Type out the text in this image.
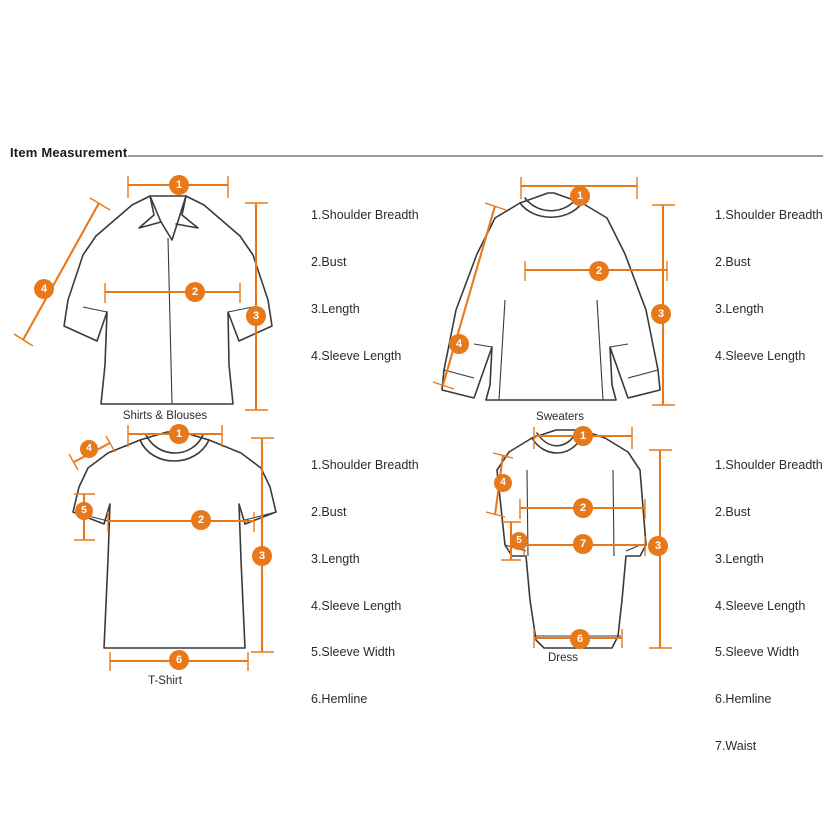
Item Measurement
1
2
3
4
1
2
3
4
1
2
3
4
5
6
1
2
3
4
5
6
7
Shirts & Blouses	Sweaters
T-Shirt
Dress

1.Shoulder Breadth

2.Bust

3.Length

4.Sleeve Length

1.Shoulder Breadth

2.Bust

3.Length

4.Sleeve Length

1.Shoulder Breadth

2.Bust

3.Length

4.Sleeve Length

5.Sleeve Width

6.Hemline

1.Shoulder Breadth

2.Bust

3.Length

4.Sleeve Length

5.Sleeve Width

6.Hemline

7.Waist
